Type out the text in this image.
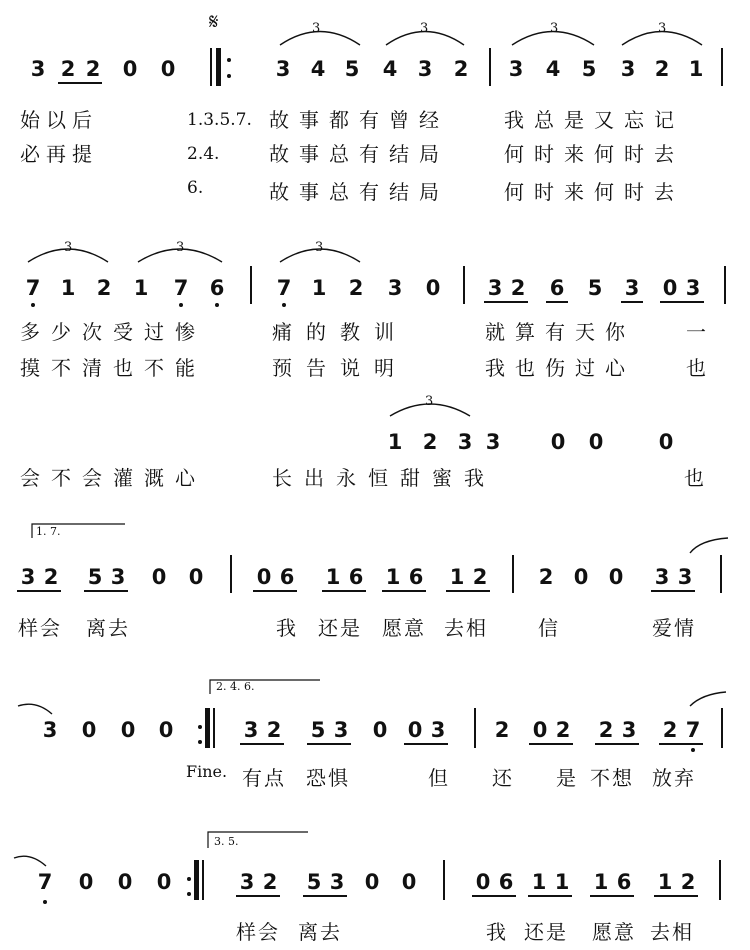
𝄋
3 2 2 0 0	3 4 5 4 3 2 3 4 5 3 2 1
3	3	3	3
始以后
必再提
1.3.5.7.
2.4.
6.
故事都有曾经	我总是又忘记
故事总有结局	何时来何时去
故事总有结局	何时来何时去
7 1 2 1 7 6 7 1 2 3 0 3 2 6 5 3 0 3
3	3	3
多少次受过惨	痛的教训	就算有天你	一
摸不清也不能	预告说明	我也伤过心	也
1 2 3 3 0 0	0
3
会不会灌溉心	长出永恒甜蜜我	也
1. 7.
3 2 5 3 0 0	0 6 1 6 1 6 1 2 2 0 0 3 3
样会 离去	我 还是 愿意 去相	信	爱情
2. 4. 6.
3 0 0 0	3 2 5 3 0 0 3 2 0 2 2 3 2 7
Fine. 有点 恐惧	但 还 是 不想 放弃
3. 5.
7 0 0 0	3 2 5 3 0 0	0 6 1 1 1 6 1 2
样会 离去	我 还是 愿意 去相
